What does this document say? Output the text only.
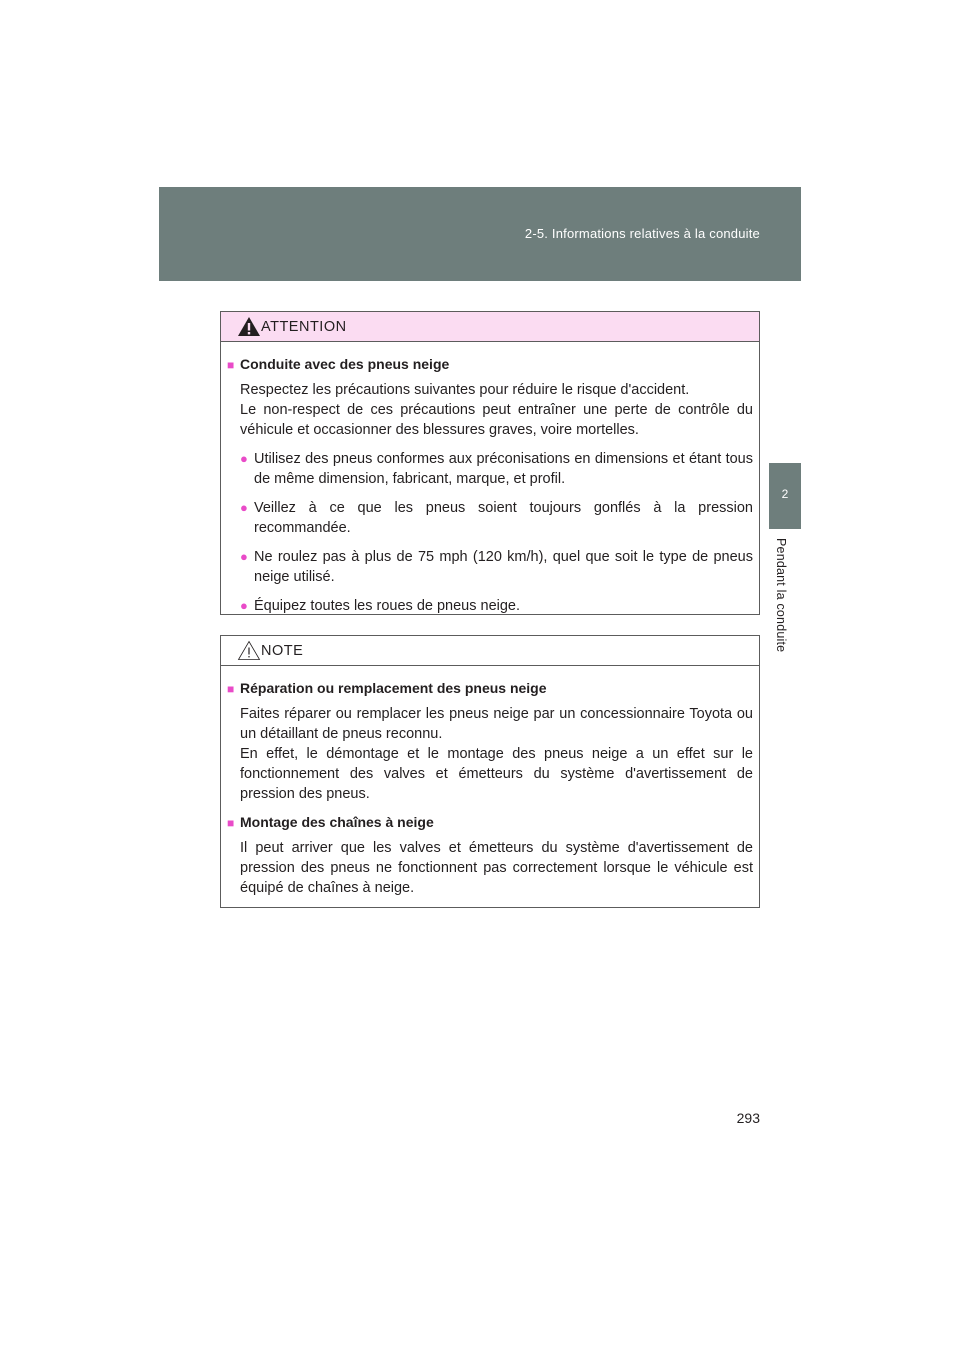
2-5. Informations relatives à la conduite
2
Pendant la conduite
ATTENTION
■ Conduite avec des pneus neige
Respectez les précautions suivantes pour réduire le risque d'accident.
Le non-respect de ces précautions peut entraîner une perte de contrôle du véhicule et occasionner des blessures graves, voire mortelles.
● Utilisez des pneus conformes aux préconisations en dimensions et étant tous de même dimension, fabricant, marque, et profil.
● Veillez à ce que les pneus soient toujours gonflés à la pression recommandée.
● Ne roulez pas à plus de 75 mph (120 km/h), quel que soit le type de pneus neige utilisé.
● Équipez toutes les roues de pneus neige.
NOTE
■ Réparation ou remplacement des pneus neige
Faites réparer ou remplacer les pneus neige par un concessionnaire Toyota ou un détaillant de pneus reconnu.
En effet, le démontage et le montage des pneus neige a un effet sur le fonctionnement des valves et émetteurs du système d'avertissement de pression des pneus.
■ Montage des chaînes à neige
Il peut arriver que les valves et émetteurs du système d'avertissement de pression des pneus ne fonctionnent pas correctement lorsque le véhicule est équipé de chaînes à neige.
293
